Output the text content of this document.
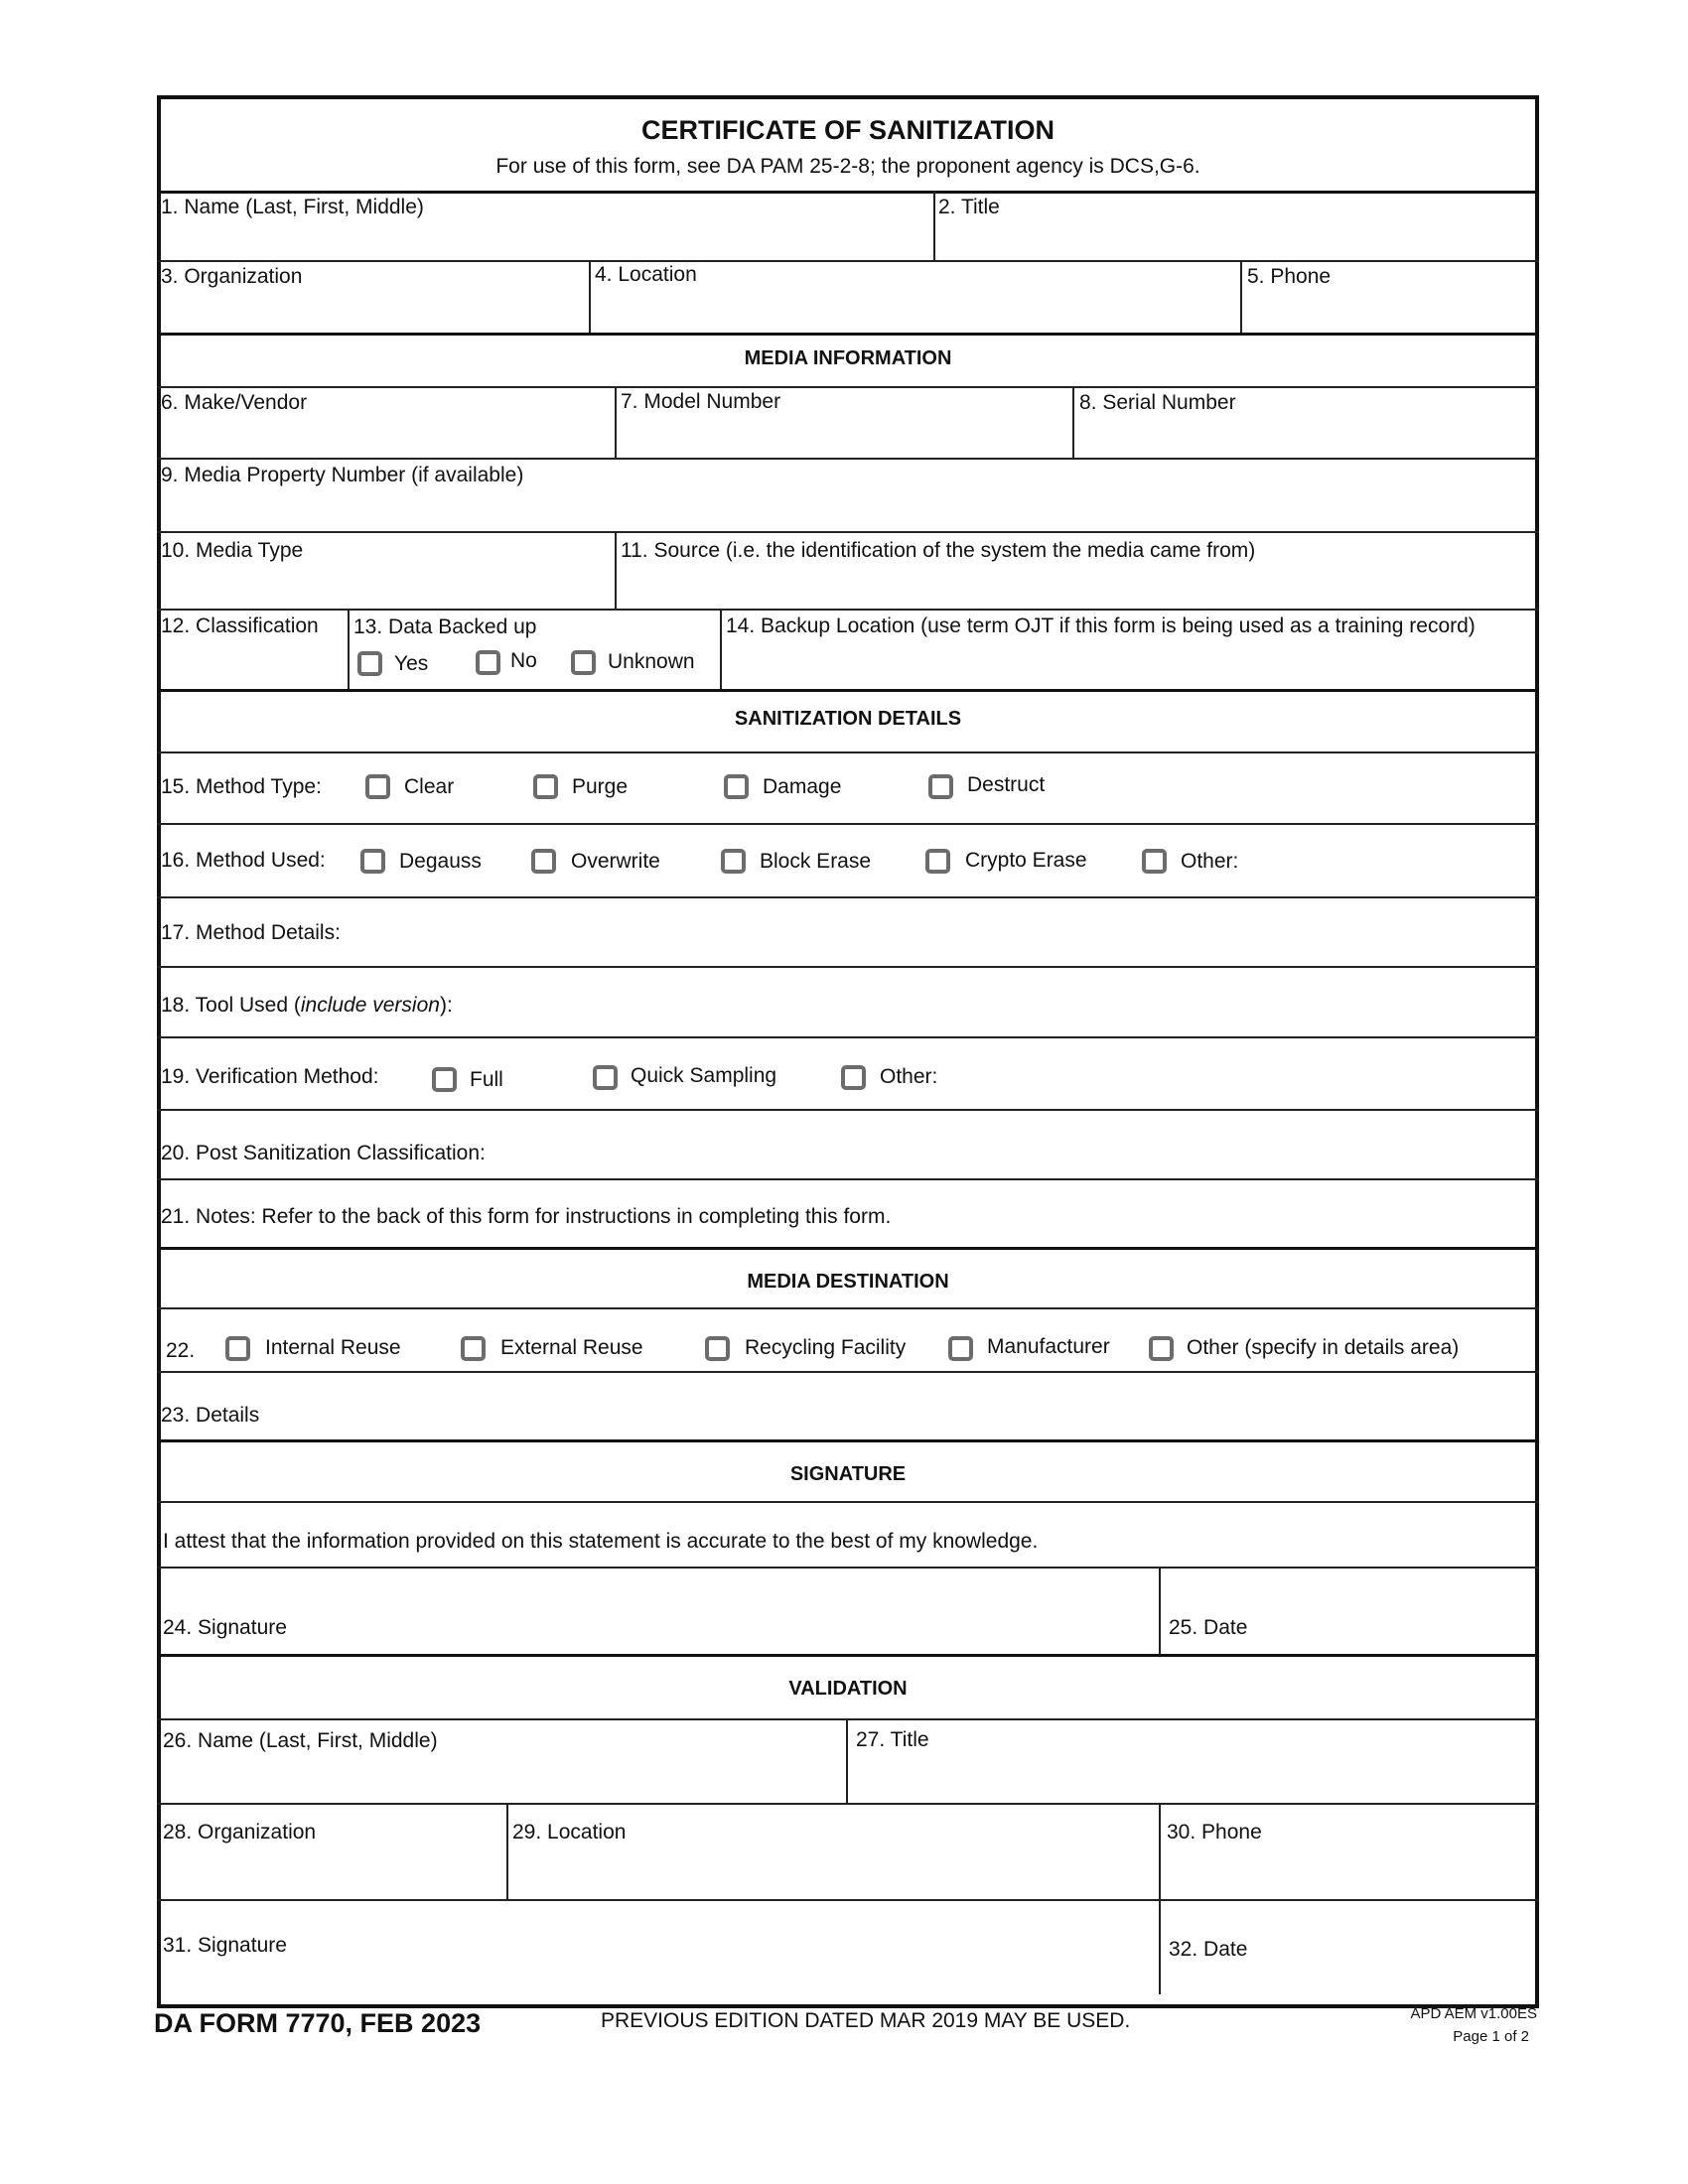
CERTIFICATE OF SANITIZATION
For use of this form, see DA PAM 25-2-8; the proponent agency is DCS,G-6.
1. Name (Last, First, Middle)	2. Title
3. Organization	4. Location	5. Phone
MEDIA INFORMATION
6. Make/Vendor	7. Model Number	8. Serial Number
9. Media Property Number (if available)
10. Media Type	11. Source (i.e. the identification of the system the media came from)
12. Classification 13. Data Backed up	14. Backup Location (use term OJT if this form is being used as a training record)
Yes	No	Unknown
SANITIZATION DETAILS
15. Method Type:	Clear	Purge	Damage	Destruct
16. Method Used:	Degauss	Overwrite	Block Erase	Crypto Erase	Other:
17. Method Details:
18. Tool Used (include version):
19. Verification Method:	Full	Quick Sampling	Other:
20. Post Sanitization Classification:
21. Notes: Refer to the back of this form for instructions in completing this form.
MEDIA DESTINATION
22.	Internal Reuse	External Reuse	Recycling Facility	Manufacturer	Other (specify in details area)
23. Details
SIGNATURE
I attest that the information provided on this statement is accurate to the best of my knowledge.
24. Signature	25. Date
VALIDATION
26. Name (Last, First, Middle)	27. Title
28. Organization	29. Location	30. Phone
31. Signature	32. Date
DA FORM 7770, FEB 2023	PREVIOUS EDITION DATED MAR 2019 MAY BE USED.	APD AEM v1.00ES
Page 1 of 2
